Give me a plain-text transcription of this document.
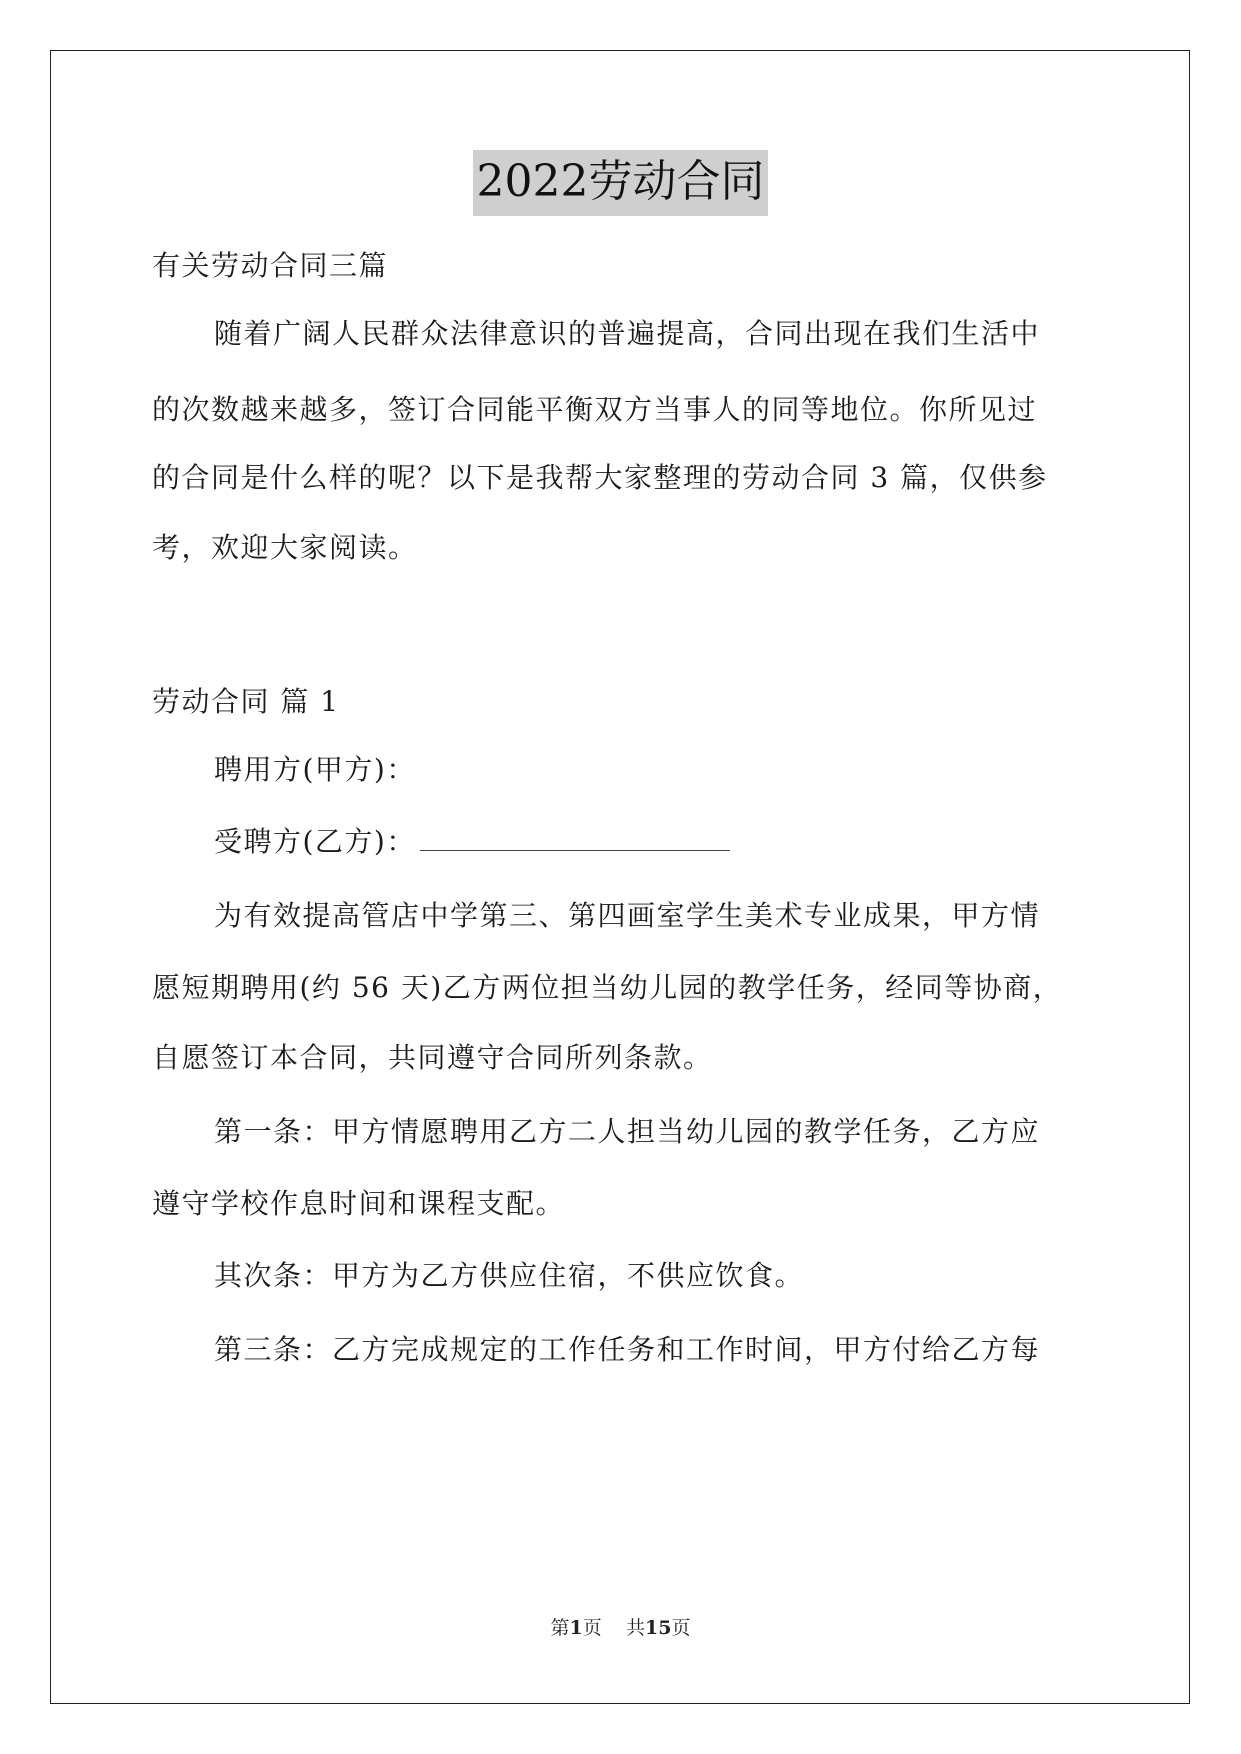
2022劳动合同
有关劳动合同三篇
随着广阔人民群众法律意识的普遍提高，合同出现在我们生活中
的次数越来越多，签订合同能平衡双方当事人的同等地位。你所见过
的合同是什么样的呢？以下是我帮大家整理的劳动合同 3 篇，仅供参
考，欢迎大家阅读。
劳动合同 篇 1
聘用方(甲方)：
受聘方(乙方)：
为有效提高管店中学第三、第四画室学生美术专业成果，甲方情
愿短期聘用(约 56 天)乙方两位担当幼儿园的教学任务，经同等协商，
自愿签订本合同，共同遵守合同所列条款。
第一条：甲方情愿聘用乙方二人担当幼儿园的教学任务，乙方应
遵守学校作息时间和课程支配。
其次条：甲方为乙方供应住宿，不供应饮食。
第三条：乙方完成规定的工作任务和工作时间，甲方付给乙方每
第1页 共15页
